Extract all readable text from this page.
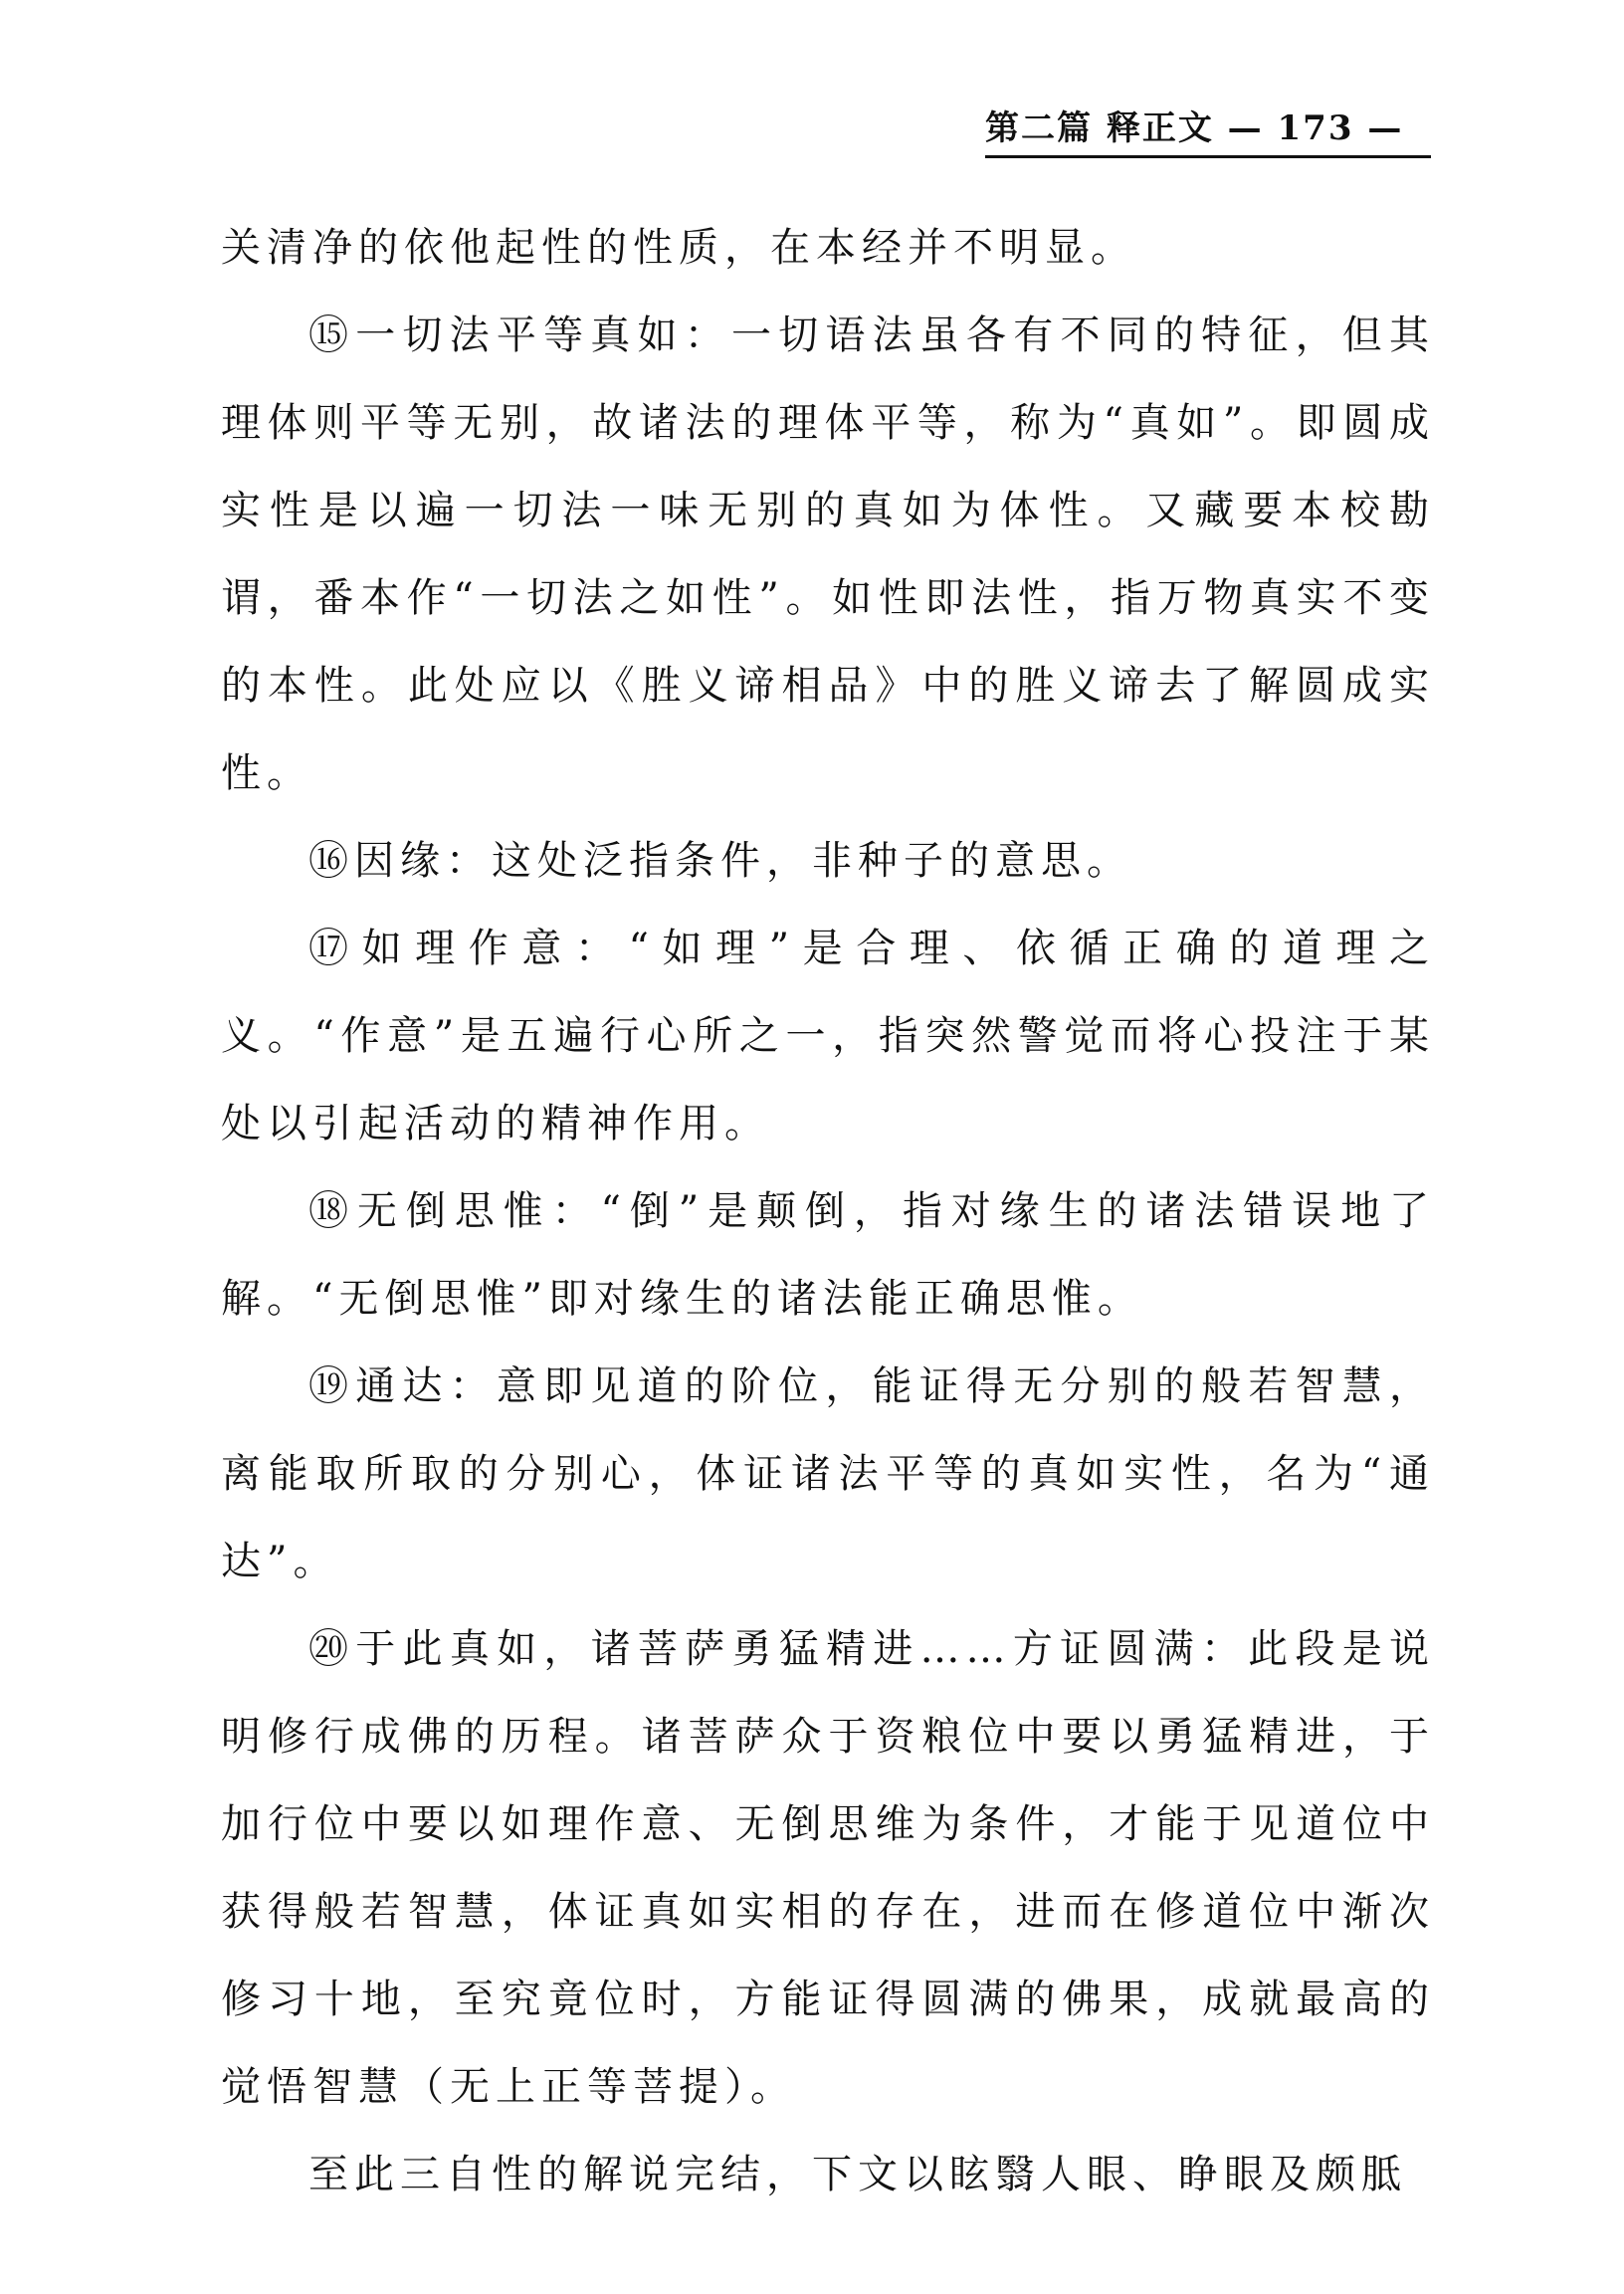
第二篇 释正文 — 173 —

关清净的依他起性的性质，在本经并不明显。

⑮一切法平等真如：一切语法虽各有不同的特征，但其理体则平等无别，故诸法的理体平等，称为“真如”。即圆成实性是以遍一切法一味无别的真如为体性。又藏要本校勘谓，番本作“一切法之如性”。如性即法性，指万物真实不变的本性。此处应以《胜义谛相品》中的胜义谛去了解圆成实性。

⑯因缘：这处泛指条件，非种子的意思。

⑰如理作意：“如理”是合理、依循正确的道理之义。“作意”是五遍行心所之一，指突然警觉而将心投注于某处以引起活动的精神作用。

⑱无倒思惟：“倒”是颠倒，指对缘生的诸法错误地了解。“无倒思惟”即对缘生的诸法能正确思惟。

⑲通达：意即见道的阶位，能证得无分别的般若智慧，离能取所取的分别心，体证诸法平等的真如实性，名为“通达”。

⑳于此真如，诸菩萨勇猛精进……方证圆满：此段是说明修行成佛的历程。诸菩萨众于资粮位中要以勇猛精进，于加行位中要以如理作意、无倒思维为条件，才能于见道位中获得般若智慧，体证真如实相的存在，进而在修道位中渐次修习十地，至究竟位时，方能证得圆满的佛果，成就最高的觉悟智慧（无上正等菩提）。

至此三自性的解说完结，下文以眩翳人眼、睁眼及颇胝
